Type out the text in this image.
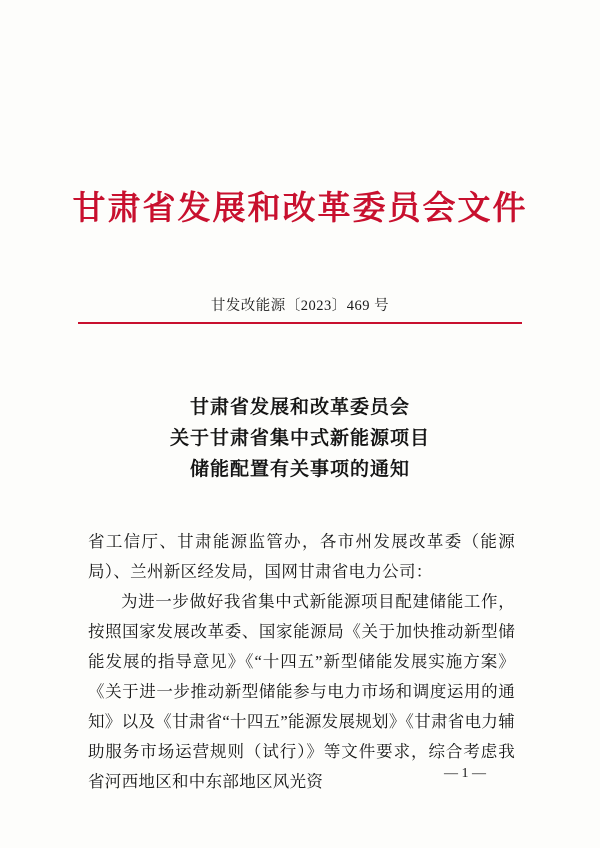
甘肃省发展和改革委员会文件
甘发改能源〔2023〕469 号
甘肃省发展和改革委员会
关于甘肃省集中式新能源项目
储能配置有关事项的通知

省工信厅、甘肃能源监管办，各市州发展改革委（能源局）、兰州新区经发局，国网甘肃省电力公司：

为进一步做好我省集中式新能源项目配建储能工作，按照国家发展改革委、国家能源局《关于加快推动新型储能发展的指导意见》《“十四五”新型储能发展实施方案》《关于进一步推动新型储能参与电力市场和调度运用的通知》以及《甘肃省“十四五”能源发展规划》《甘肃省电力辅助服务市场运营规则（试行）》等文件要求，综合考虑我省河西地区和中东部地区风光资	— 1 —
